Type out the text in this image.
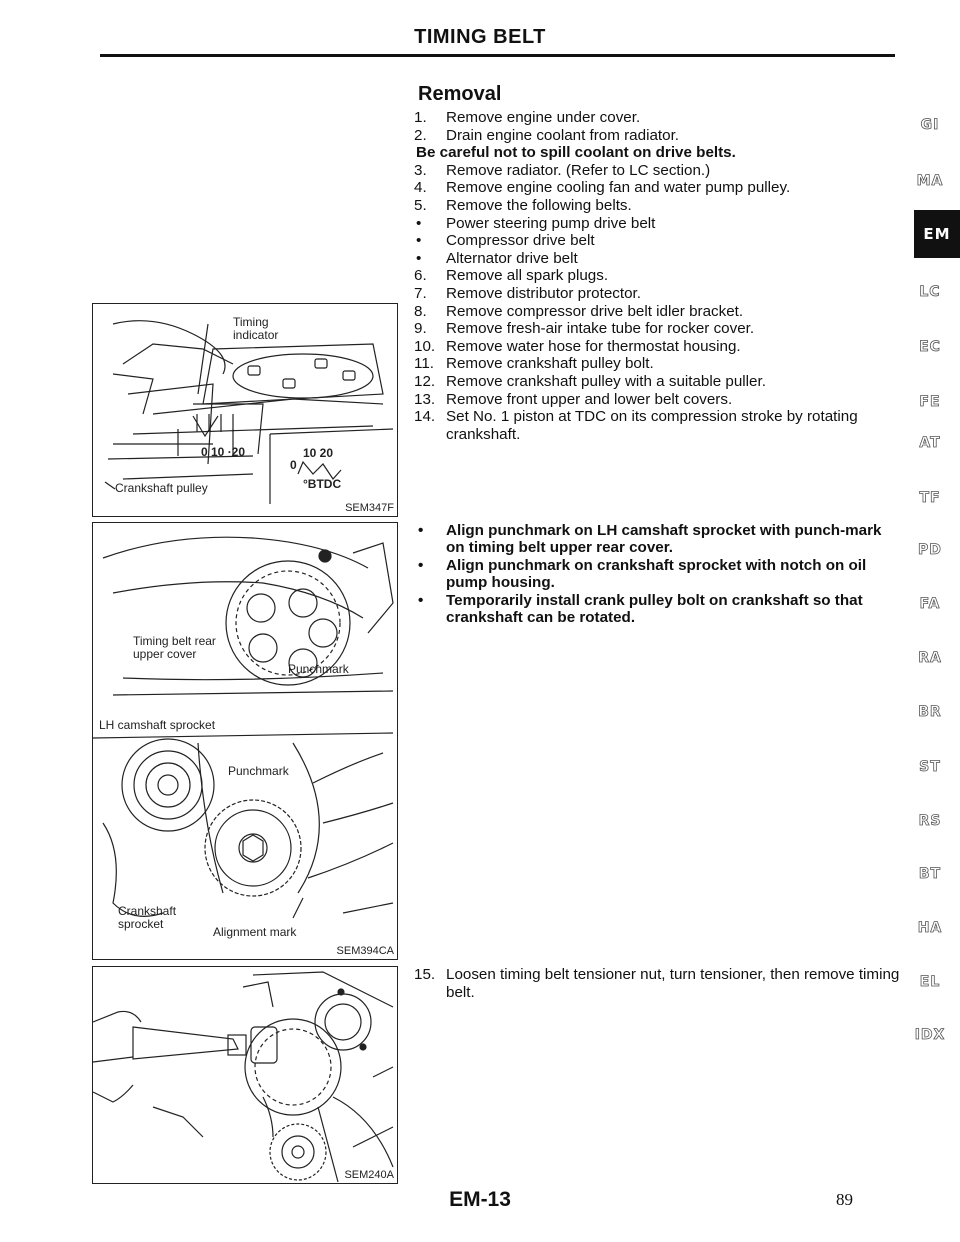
TIMING BELT
Timing
indicator
0 10 ·20	10 20
0
°BTDC
Crankshaft pulley
SEM347F
Timing belt rear
upper cover
Punchmark
LH camshaft sprocket
Punchmark
Crankshaft
sprocket
Alignment mark
SEM394CA
SEM240A
Removal
1.	Remove engine under cover.
2.	Drain engine coolant from radiator.
Be careful not to spill coolant on drive belts.
3.	Remove radiator. (Refer to LC section.)
4.	Remove engine cooling fan and water pump pulley.
5.	Remove the following belts.
•	Power steering pump drive belt
•	Compressor drive belt
•	Alternator drive belt
6.	Remove all spark plugs.
7.	Remove distributor protector.
8.	Remove compressor drive belt idler bracket.
9.	Remove fresh-air intake tube for rocker cover.
10. Remove water hose for thermostat housing.
11. Remove crankshaft pulley bolt.
12. Remove crankshaft pulley with a suitable puller.
13. Remove front upper and lower belt covers.
14. Set No. 1 piston at TDC on its compression stroke by rotating crankshaft.
•	Align punchmark on LH camshaft sprocket with punch-mark on timing belt upper rear cover.
•	Align punchmark on crankshaft sprocket with notch on oil pump housing.
•	Temporarily install crank pulley bolt on crankshaft so that crankshaft can be rotated.
15. Loosen timing belt tensioner nut, turn tensioner, then remove timing belt.
GI
MA
EM
LC
EC
FE
AT
TF
PD
FA
RA
BR
ST
RS
BT
HA
EL
IDX
EM-13	89
